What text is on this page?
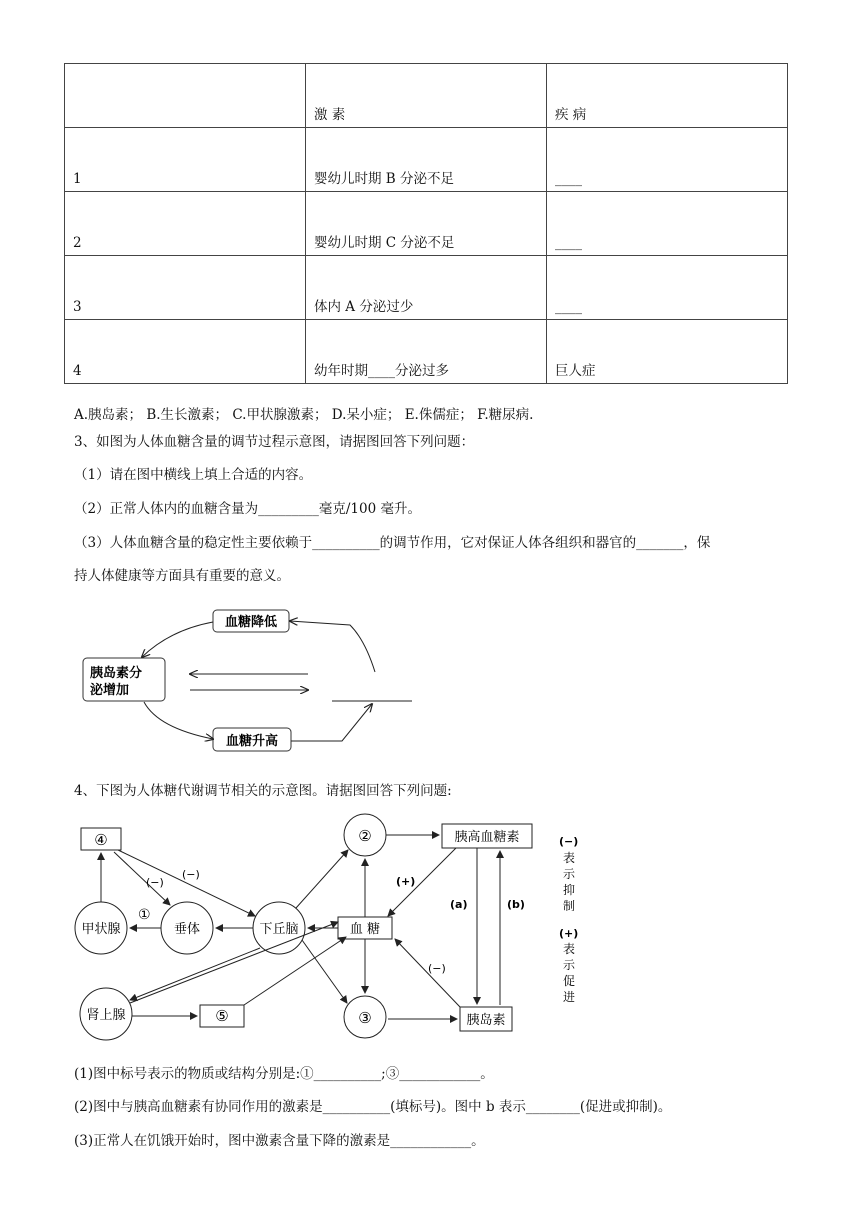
	激 素	疾 病
1	婴幼儿时期 B 分泌不足	____
2	婴幼儿时期 C 分泌不足	____
3	体内 A 分泌过少	____
4	幼年时期____分泌过多	巨人症
A.胰岛素； B.生长激素； C.甲状腺激素； D.呆小症； E.侏儒症； F.糖尿病.
3、如图为人体血糖含量的调节过程示意图，请据图回答下列问题：
（1）请在图中横线上填上合适的内容。
（2）正常人体内的血糖含量为_________毫克/100 毫升。
（3）人体血糖含量的稳定性主要依赖于__________的调节作用，它对保证人体各组织和器官的_______，保
持人体健康等方面具有重要的意义。
血糖降低
胰岛素分
泌增加
血糖升高
4、下图为人体糖代谢调节相关的示意图。请据图回答下列问题:
④	②	胰高血糖素
甲状腺	垂体	下丘脑	血 糖
肾上腺	⑤	③	胰岛素
(−)
(−)
①
(+)
(a)	(b)
(−)
(−)
表
示
抑
制
(+)
表
示
促
进
(1)图中标号表示的物质或结构分别是:①__________;③____________。
(2)图中与胰高血糖素有协同作用的激素是__________(填标号)。图中 b 表示________(促进或抑制)。
(3)正常人在饥饿开始时，图中激素含量下降的激素是____________。
